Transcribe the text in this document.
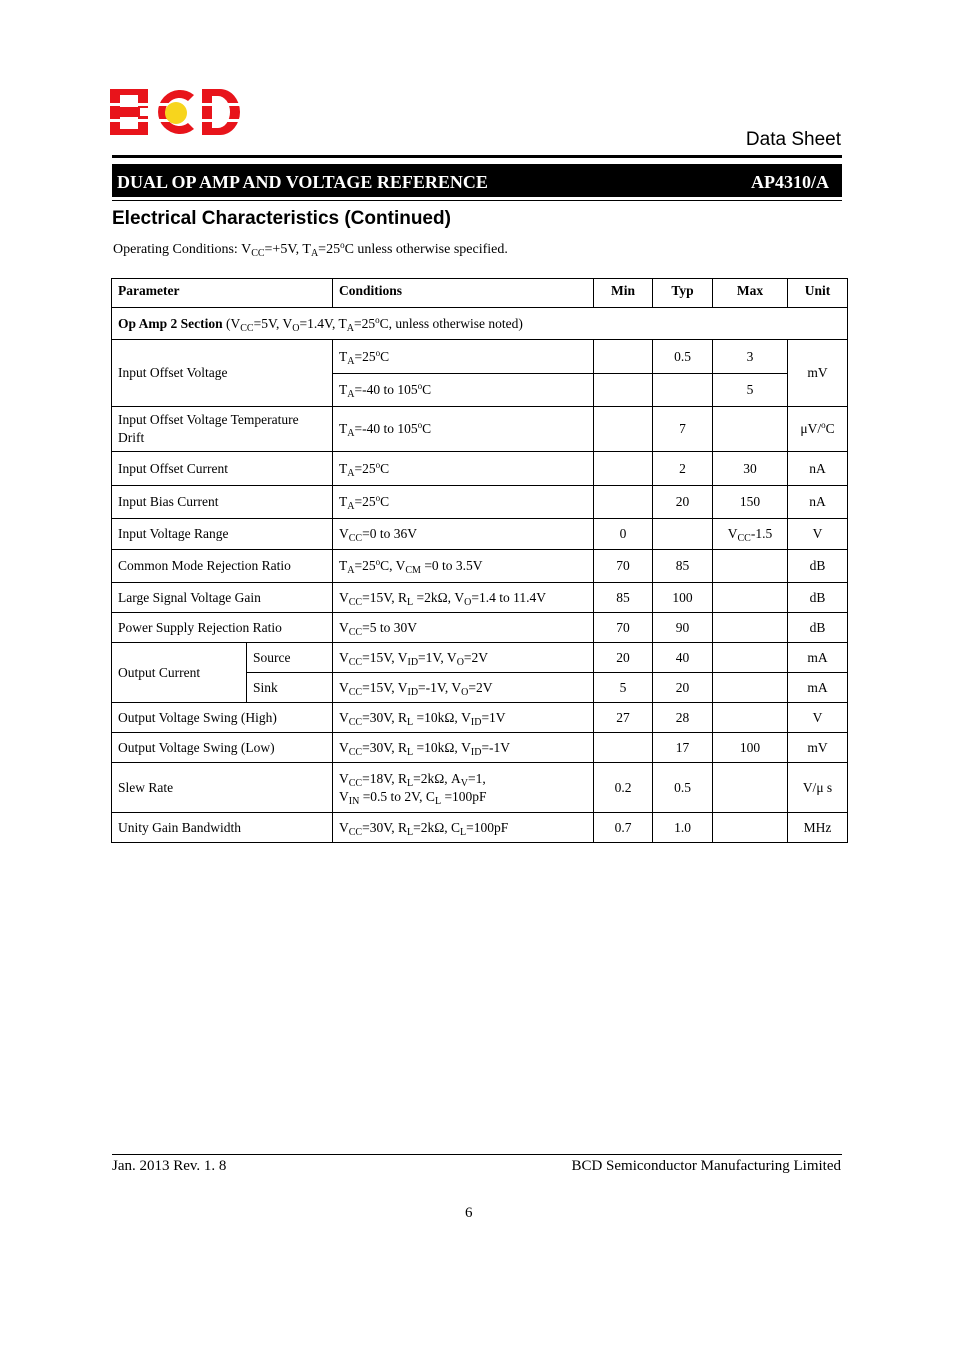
Data Sheet
DUAL OP AMP AND VOLTAGE REFERENCE	AP4310/A
Electrical Characteristics (Continued)
Operating Conditions: $V_{CC}=+5V$, $T_A=25^oC$ unless otherwise specified.
Parameter		Conditions	Min	Typ	Max	Unit
Op Amp 2 Section ($V_{CC}=5V$, $V_O=1.4V$, $T_A=25^oC$, unless otherwise noted)						
Input Offset Voltage		$T_A=25^oC$		0.5	3	mV
		$T_A=-40$ to 105$^o$C			5	
Input Offset Voltage Temperature Drift		$T_A=-40$ to 105$^o$C		7		μV/$^o$C
Input Offset Current		$T_A=25^oC$		2	30	nA
Input Bias Current		$T_A=25^oC$		20	150	nA
Input Voltage Range		$V_{CC}=0$ to 36V	0		$V_{CC}-1.5$	V
Common Mode Rejection Ratio		$T_A=25^oC$, $V_{CM} =0$ to 3.5V	70	85		dB
Large Signal Voltage Gain		$V_{CC}=15V$, $R_L =2k\Omega$, $V_O=1.4$ to 11.4V	85	100		dB
Power Supply Rejection Ratio		$V_{CC}=5$ to 30V	70	90		dB
Output Current	Source	$V_{CC}=15V$, $V_{ID}=1V$, $V_O=2V$	20	40		mA
	Sink	$V_{CC}=15V$, $V_{ID}=-1V$, $V_O=2V$	5	20		mA
Output Voltage Swing (High)		$V_{CC}=30V$, $R_L =10k\Omega$, $V_{ID}=1V$	27	28		V
Output Voltage Swing (Low)		$V_{CC}=30V$, $R_L =10k\Omega$, $V_{ID}=-1V$		17	100	mV
Slew Rate		$V_{CC}=18V$, $R_L=2k\Omega$, $A_V=1$,
$V_{IN} =0.5$ to 2V, $C_L =100pF$	0.2	0.5		V/μ s
Unity Gain Bandwidth		$V_{CC}=30V$, $R_L=2k\Omega$, $C_L=100pF$	0.7	1.0		MHz
Jan. 2013 Rev. 1. 8	BCD Semiconductor Manufacturing Limited
6
